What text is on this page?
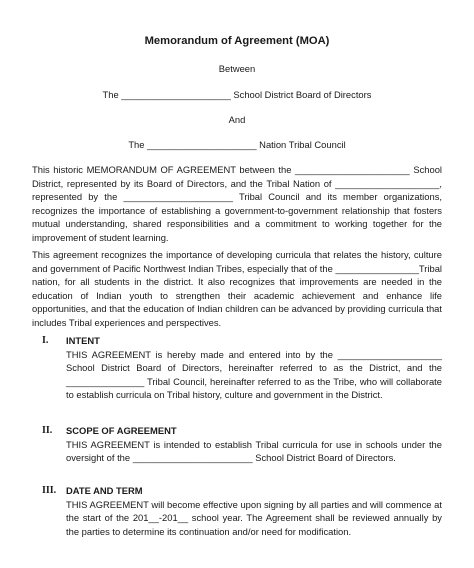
Memorandum of Agreement (MOA)
Between
The _____________________ School District Board of Directors
And
The _____________________ Nation Tribal Council

This historic MEMORANDUM OF AGREEMENT between the ______________________ School District, represented by its Board of Directors, and the Tribal Nation of ____________________, represented by the _____________________ Tribal Council and its member organizations, recognizes the importance of establishing a government-to-government relationship that fosters mutual understanding, shared responsibilities and a commitment to working together for the improvement of student learning.

This agreement recognizes the importance of developing curricula that relates the history, culture and government of Pacific Northwest Indian Tribes, especially that of the ________________Tribal nation, for all students in the district. It also recognizes that improvements are needed in the education of Indian youth to strengthen their academic achievement and enhance life opportunities, and that the education of Indian children can be advanced by providing curricula that includes Tribal experiences and perspectives.

I. INTENT

THIS AGREEMENT is hereby made and entered into by the ____________________ School District Board of Directors, hereinafter referred to as the District, and the _______________ Tribal Council, hereinafter referred to as the Tribe, who will collaborate to establish curricula on Tribal history, culture and government in the District.

II. SCOPE OF AGREEMENT

THIS AGREEMENT is intended to establish Tribal curricula for use in schools under the oversight of the _______________________ School District Board of Directors.

III. DATE AND TERM

THIS AGREEMENT will become effective upon signing by all parties and will commence at the start of the 201__-201__ school year. The Agreement shall be reviewed annually by the parties to determine its continuation and/or need for modification.
